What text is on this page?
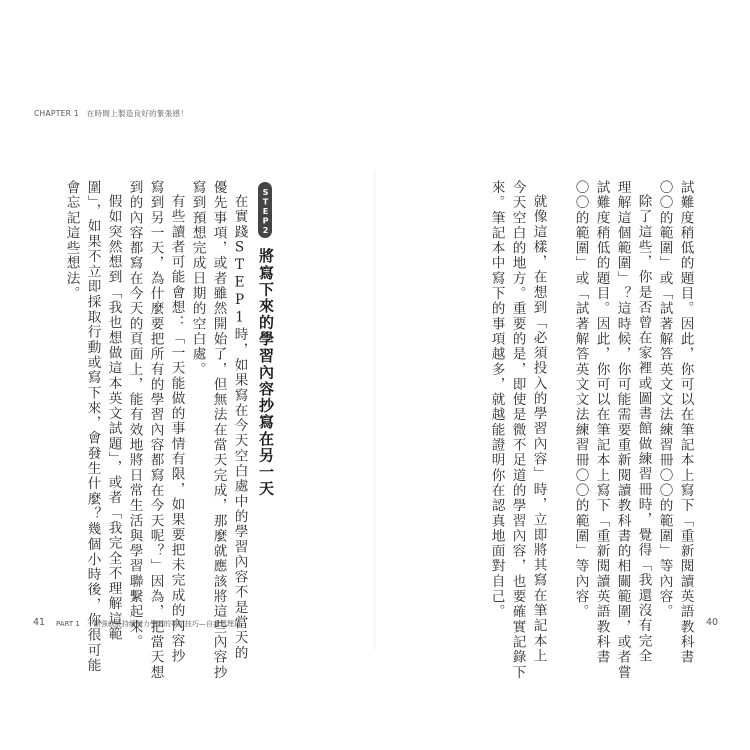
CHAPTER 1　在時間上製造良好的緊張感！
試難度稍低的題目。因此，你可以在筆記本上寫下「重新閱讀英語教科書
〇〇的範圍」或「試著解答英文文法練習冊〇〇的範圍」等內容。
除了這些，你是否曾在家裡或圖書館做練習冊時，覺得「我還沒有完全
理解這個範圍」？這時候，你可能需要重新閱讀教科書的相關範圍，或者嘗
試難度稍低的題目。因此，你可以在筆記本上寫下「重新閱讀英語教科書
〇〇的範圍」或「試著解答英文文法練習冊〇〇的範圍」等內容。
就像這樣，在想到「必須投入的學習內容」時，立即將其寫在筆記本上
今天空白的地方。重要的是，即使是微不足道的學習內容，也要確實記錄下
來。筆記本中寫下的事項越多，就越能證明你在認真地面對自己。
STEP2
將寫下來的學習內容抄寫在另一天
在實踐STEP1時，如果寫在今天空白處中的學習內容不是當天的
優先事項，或者雖然開始了，但無法在當天完成，那麼就應該將這些內容抄
寫到預想完成日期的空白處。
有些讀者可能會想：「一天能做的事情有限，如果要把未完成的內容抄
寫到另一天，為什麼要把所有的學習內容都寫在今天呢？」因為，把當天想
到的內容都寫在今天的頁面上，能有效地將日常生活與學習聯繫起來。
假如突然想到「我也想做這本英文試題」，或者「我完全不理解這範
圍」，如果不立即採取行動或寫下來，會發生什麼？幾個小時後，你很可能
會忘記這些想法。
41 PART 1　不斷強就能持續努力學習的筆記技巧—自我管理篇	40
